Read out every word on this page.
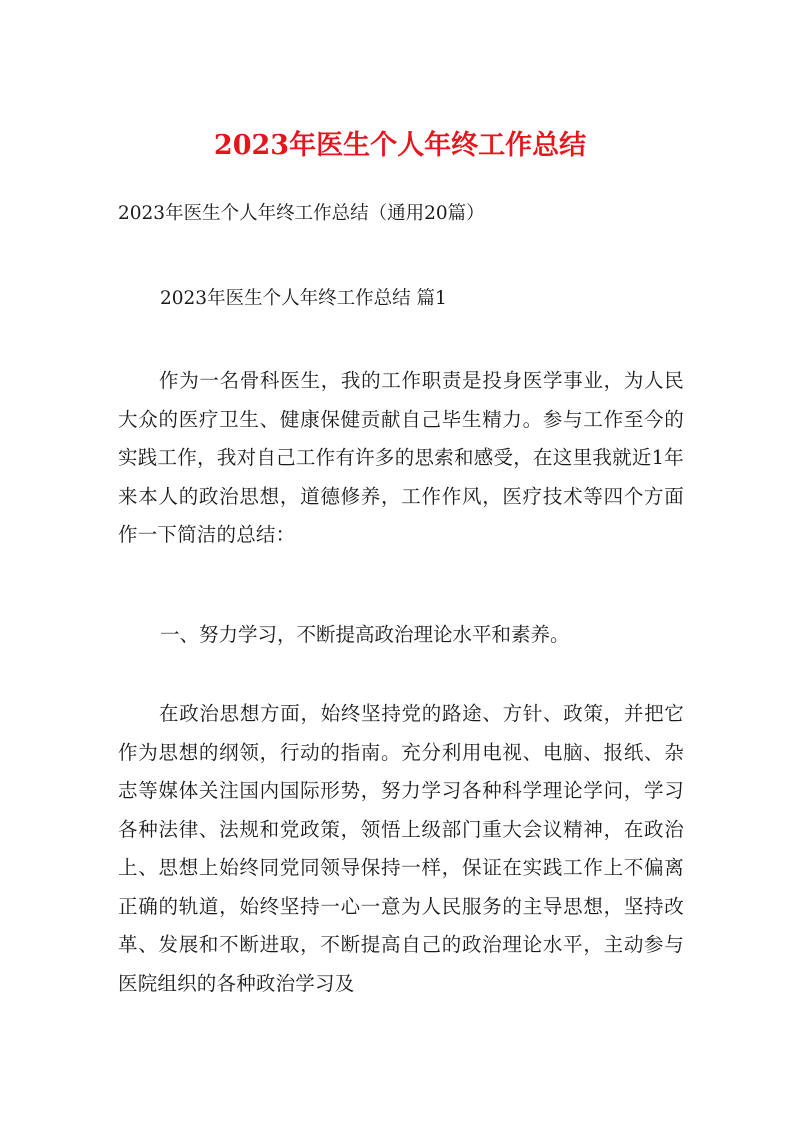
2023年医生个人年终工作总结

2023年医生个人年终工作总结（通用20篇）

2023年医生个人年终工作总结 篇1

作为一名骨科医生，我的工作职责是投身医学事业，为人民大众的医疗卫生、健康保健贡献自己毕生精力。参与工作至今的实践工作，我对自己工作有许多的思索和感受，在这里我就近1年来本人的政治思想，道德修养，工作作风，医疗技术等四个方面作一下简洁的总结：

一、努力学习，不断提高政治理论水平和素养。

在政治思想方面，始终坚持党的路途、方针、政策，并把它作为思想的纲领，行动的指南。充分利用电视、电脑、报纸、杂志等媒体关注国内国际形势，努力学习各种科学理论学问，学习各种法律、法规和党政策，领悟上级部门重大会议精神，在政治上、思想上始终同党同领导保持一样，保证在实践工作上不偏离正确的轨道，始终坚持一心一意为人民服务的主导思想，坚持改革、发展和不断进取，不断提高自己的政治理论水平，主动参与医院组织的各种政治学习及
